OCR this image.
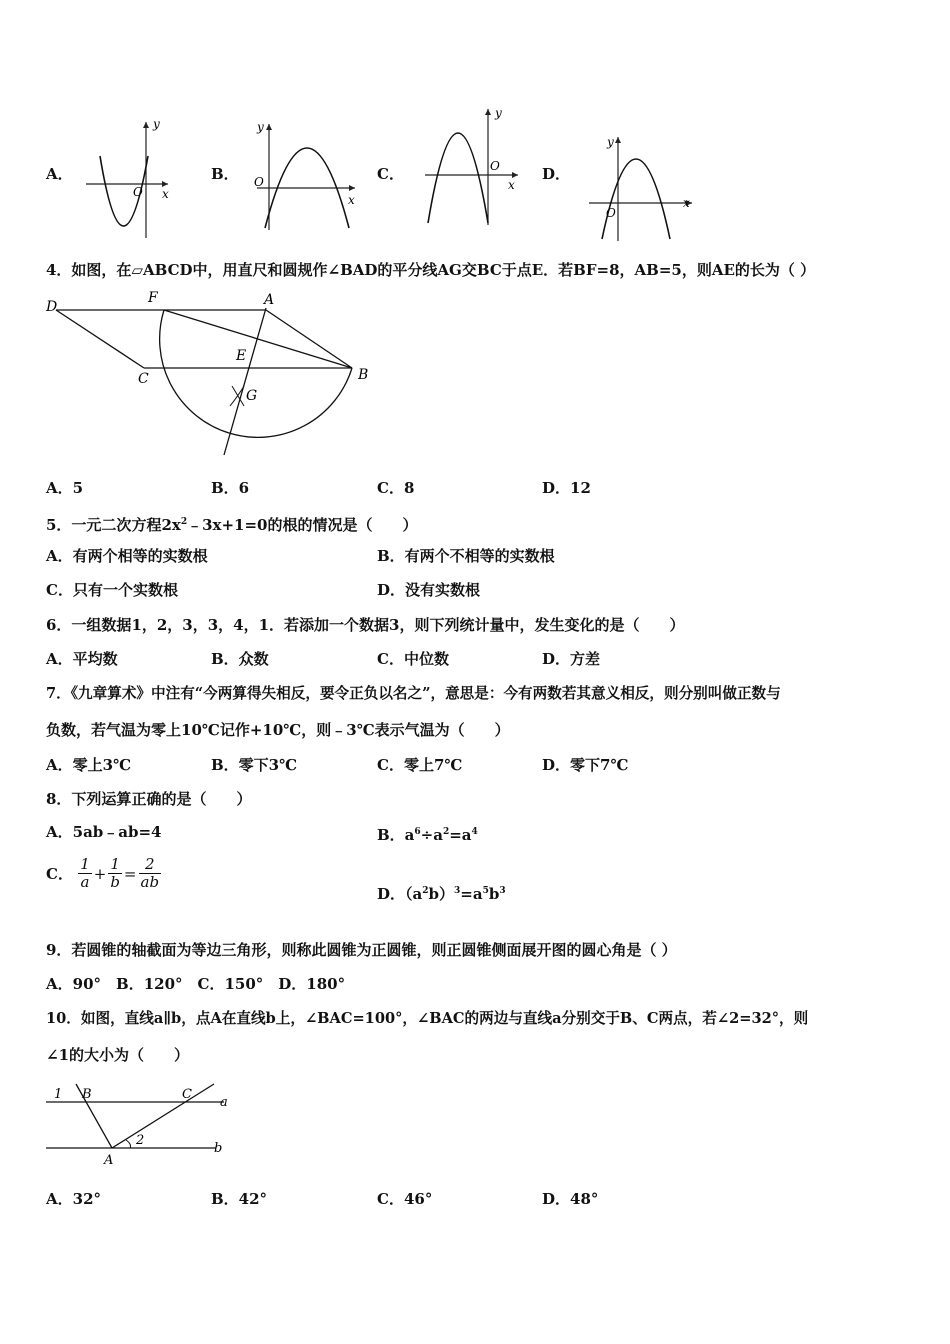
A．
O x
y
B． O
x
y
C．	O
x
y
D．
O
x
y
4．如图，在▱ABCD中，用直尺和圆规作∠BAD的平分线AG交BC于点E．若BF=8，AB=5，则AE的长为（ ）
D
F	A
E
C	B
G
A．5	B．6	C．8	D．12
5．一元二次方程$2x^2﹣3x+1=0$的根的情况是（　　）
A．有两个相等的实数根	B．有两个不相等的实数根
C．只有一个实数根	D．没有实数根
6．一组数据1，2，3，3，4，1．若添加一个数据3，则下列统计量中，发生变化的是（　　）
A．平均数	B．众数	C．中位数	D．方差
7．《九章算术》中注有“今两算得失相反，要令正负以名之”，意思是：今有两数若其意义相反，则分别叫做正数与
负数，若气温为零上10℃记作+10℃，则﹣3℃表示气温为（　　）
A．零上3℃	B．零下3℃	C．零上7℃	D．零下7℃
8．下列运算正确的是（　　）
A．5ab﹣ab=4	B．$a^6\div a^2=a^4$
C． $\frac{1}{a} + \frac{1}{b} = \frac{2}{ab}$
D．$(a^2b)^3=a^5b^3$
9．若圆锥的轴截面为等边三角形，则称此圆锥为正圆锥，则正圆锥侧面展开图的圆心角是（ ）
A．90°　B．120°　C．150°　D．180°
10．如图，直线a∥b，点A在直线b上，∠BAC=100°，∠BAC的两边与直线a分别交于B、C两点，若∠2=32°，则
∠1的大小为（　　）
1 B	C
a
2
b
A
A．32°	B．42°	C．46°	D．48°
